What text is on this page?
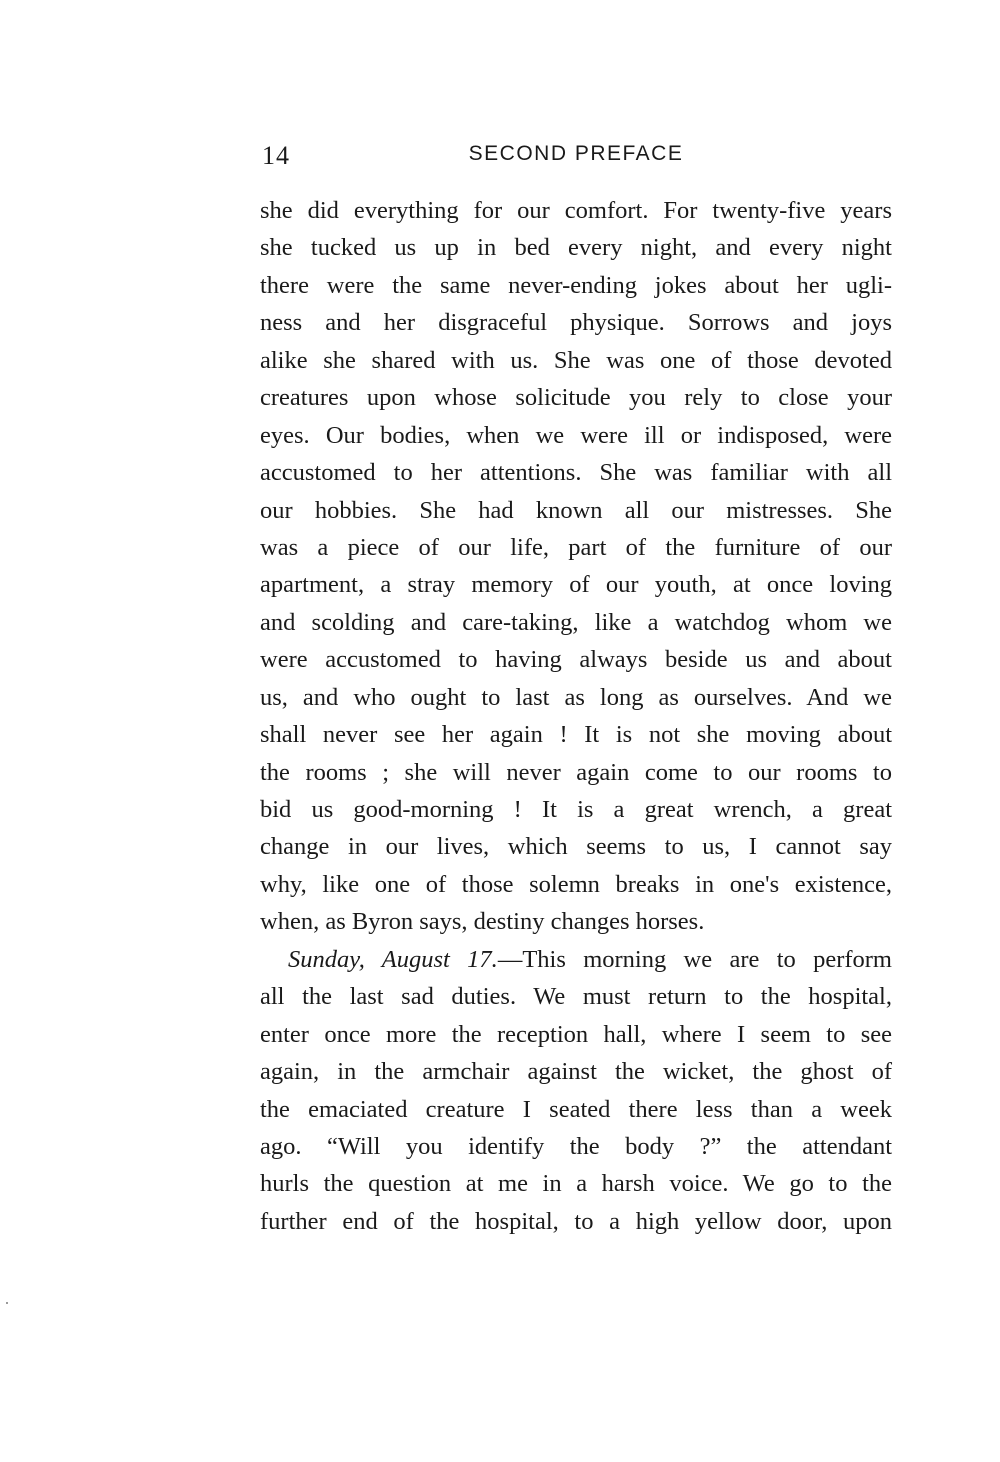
14	SECOND PREFACE
she did everything for our comfort. For twenty-five years
she tucked us up in bed every night, and every night
there were the same never-ending jokes about her ugli-
ness and her disgraceful physique. Sorrows and joys
alike she shared with us. She was one of those devoted
creatures upon whose solicitude you rely to close your
eyes. Our bodies, when we were ill or indisposed, were
accustomed to her attentions. She was familiar with all
our hobbies. She had known all our mistresses. She
was a piece of our life, part of the furniture of our
apartment, a stray memory of our youth, at once loving
and scolding and care-taking, like a watchdog whom we
were accustomed to having always beside us and about
us, and who ought to last as long as ourselves. And we
shall never see her again ! It is not she moving about
the rooms ; she will never again come to our rooms to
bid us good-morning ! It is a great wrench, a great
change in our lives, which seems to us, I cannot say
why, like one of those solemn breaks in one's existence,
when, as Byron says, destiny changes horses.
Sunday, August 17.—This morning we are to perform
all the last sad duties. We must return to the hospital,
enter once more the reception hall, where I seem to see
again, in the armchair against the wicket, the ghost of
the emaciated creature I seated there less than a week
ago. “Will you identify the body ?” the attendant
hurls the question at me in a harsh voice. We go to the
further end of the hospital, to a high yellow door, upon
